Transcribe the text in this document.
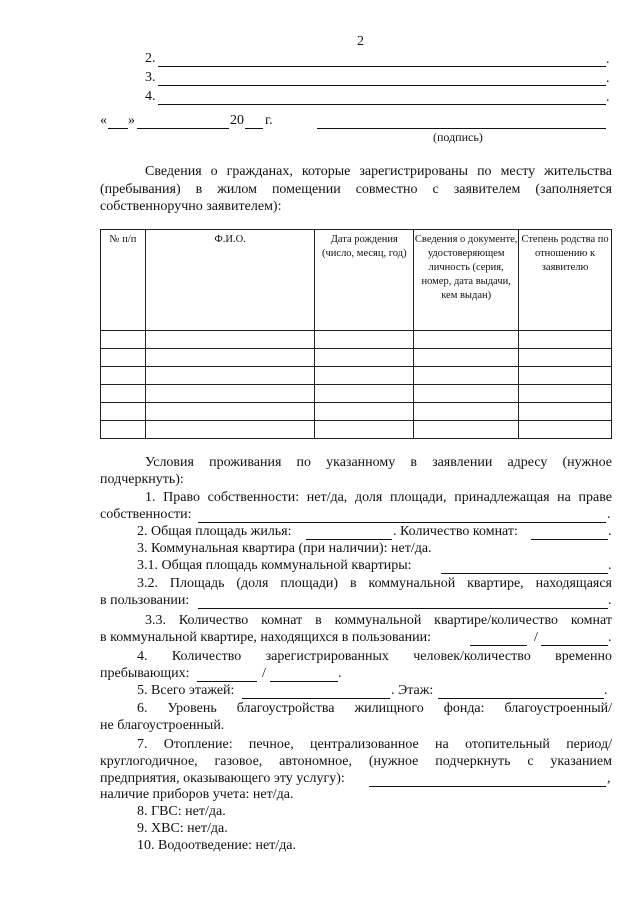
2
2.	.
3.	.
4.	.
« »	20 г.
(подпись)
Сведения о гражданах, которые зарегистрированы по месту жительства
(пребывания) в жилом помещении совместно с заявителем (заполняется
собственноручно заявителем):
№ п/п	Ф.И.О.	Дата рождения (число, месяц, год)	Сведения о документе, удостоверяющем личность (серия, номер, дата выдачи, кем выдан)	Степень родства по отношению к заявителю

Условия проживания по указанному в заявлении адресу (нужное
подчеркнуть):
1. Право собственности: нет/да, доля площади, принадлежащая на праве
собственности:	.
2. Общая площадь жилья:	. Количество комнат:	.
3. Коммунальная квартира (при наличии): нет/да.
3.1. Общая площадь коммунальной квартиры:	.
3.2. Площадь (доля площади) в коммунальной квартире, находящаяся
в пользовании:	.
3.3. Количество комнат в коммунальной квартире/количество комнат
в коммунальной квартире, находящихся в пользовании:	/	.
4. Количество зарегистрированных человек/количество временно
пребывающих:	/	.
5. Всего этажей:	. Этаж:	.
6. Уровень благоустройства жилищного фонда: благоустроенный/
не благоустроенный.
7. Отопление: печное, централизованное на отопительный период/
круглогодичное, газовое, автономное, (нужное подчеркнуть с указанием
предприятия, оказывающего эту услугу):	,
наличие приборов учета: нет/да.
8. ГВС: нет/да.
9. ХВС: нет/да.
10. Водоотведение: нет/да.
